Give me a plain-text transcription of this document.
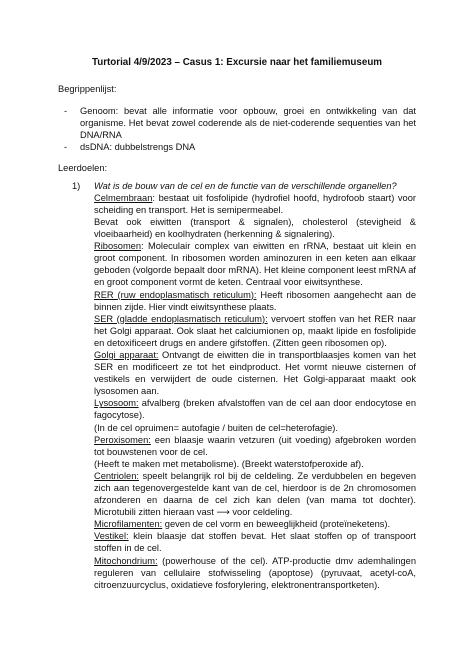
Turtorial 4/9/2023 – Casus 1: Excursie naar het familiemuseum
Begrippenlijst:
-	Genoom: bevat alle informatie voor opbouw, groei en ontwikkeling van dat organisme. Het bevat zowel coderende als de niet-coderende sequenties van het DNA/RNA
-	dsDNA: dubbelstrengs DNA
Leerdoelen:
1)	Wat is de bouw van de cel en de functie van de verschillende organellen?

Celmembraan: bestaat uit fosfolipide (hydrofiel hoofd, hydrofoob staart) voor scheiding en transport. Het is semipermeabel.

Bevat ook eiwitten (transport & signalen), cholesterol (stevigheid & vloeibaarheid) en koolhydraten (herkenning & signalering).

Ribosomen: Moleculair complex van eiwitten en rRNA, bestaat uit klein en groot component. In ribosomen worden aminozuren in een keten aan elkaar geboden (volgorde bepaalt door mRNA). Het kleine component leest mRNA af en groot component vormt de keten. Centraal voor eiwitsynthese.

RER (ruw endoplasmatisch reticulum): Heeft ribosomen aangehecht aan de binnen zijde. Hier vindt eiwitsynthese plaats.

SER (gladde endoplasmatisch reticulum): vervoert stoffen van het RER naar het Golgi apparaat. Ook slaat het calciumionen op, maakt lipide en fosfolipide en detoxificeert drugs en andere gifstoffen. (Zitten geen ribosomen op).

Golgi apparaat: Ontvangt de eiwitten die in transportblaasjes komen van het SER en modificeert ze tot het eindproduct. Het vormt nieuwe cisternen of vestikels en verwijdert de oude cisternen. Het Golgi-apparaat maakt ook lysosomen aan.

Lysosoom: afvalberg (breken afvalstoffen van de cel aan door endocytose en fagocytose).

(In de cel opruimen= autofagie / buiten de cel=heterofagie).

Peroxisomen: een blaasje waarin vetzuren (uit voeding) afgebroken worden tot bouwstenen voor de cel.

(Heeft te maken met metabolisme). (Breekt waterstofperoxide af).

Centriolen: speelt belangrijk rol bij de celdeling. Ze verdubbelen en begeven zich aan tegenovergestelde kant van de cel, hierdoor is de 2n chromosomen afzonderen en daarna de cel zich kan delen (van mama tot dochter). Microtubili zitten hieraan vast ⟶ voor celdeling.

Microfilamenten: geven de cel vorm en beweeglijkheid (proteïneketens).

Vestikel: klein blaasje dat stoffen bevat. Het slaat stoffen op of transpoort stoffen in de cel.

Mitochondrium: (powerhouse of the cel). ATP-productie dmv ademhalingen reguleren van cellulaire stofwisseling (apoptose) (pyruvaat, acetyl-coA, citroenzuurcyclus, oxidatieve fosforylering, elektronentransportketen).
